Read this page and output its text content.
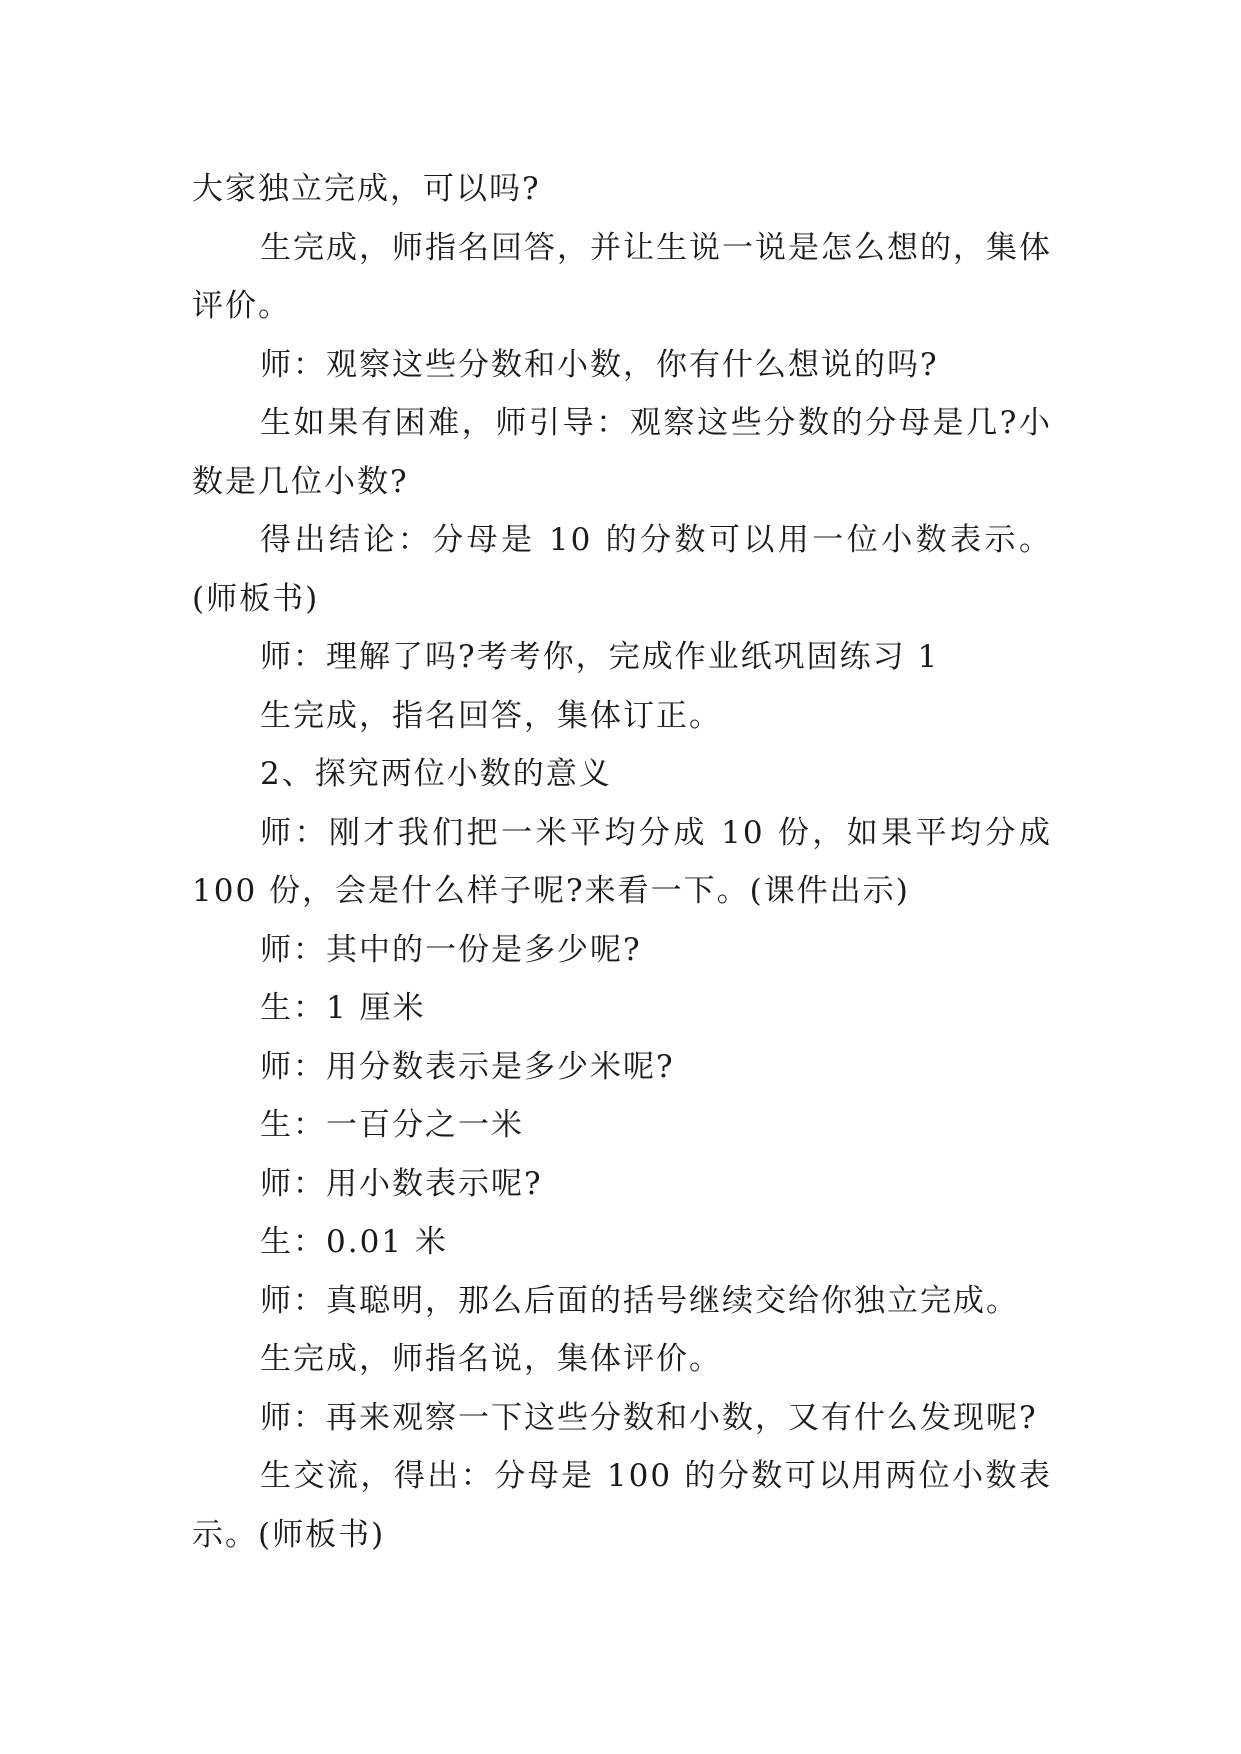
大家独立完成，可以吗?

生完成，师指名回答，并让生说一说是怎么想的，集体评价。

师：观察这些分数和小数，你有什么想说的吗?

生如果有困难，师引导：观察这些分数的分母是几?小数是几位小数?

得出结论：分母是 10 的分数可以用一位小数表示。(师板书)

师：理解了吗?考考你，完成作业纸巩固练习 1

生完成，指名回答，集体订正。

2、探究两位小数的意义

师：刚才我们把一米平均分成 10 份，如果平均分成 100 份，会是什么样子呢?来看一下。(课件出示)

师：其中的一份是多少呢?

生：1 厘米

师：用分数表示是多少米呢?

生：一百分之一米

师：用小数表示呢?

生：0.01 米

师：真聪明，那么后面的括号继续交给你独立完成。

生完成，师指名说，集体评价。

师：再来观察一下这些分数和小数，又有什么发现呢?

生交流，得出：分母是 100 的分数可以用两位小数表示。(师板书)
